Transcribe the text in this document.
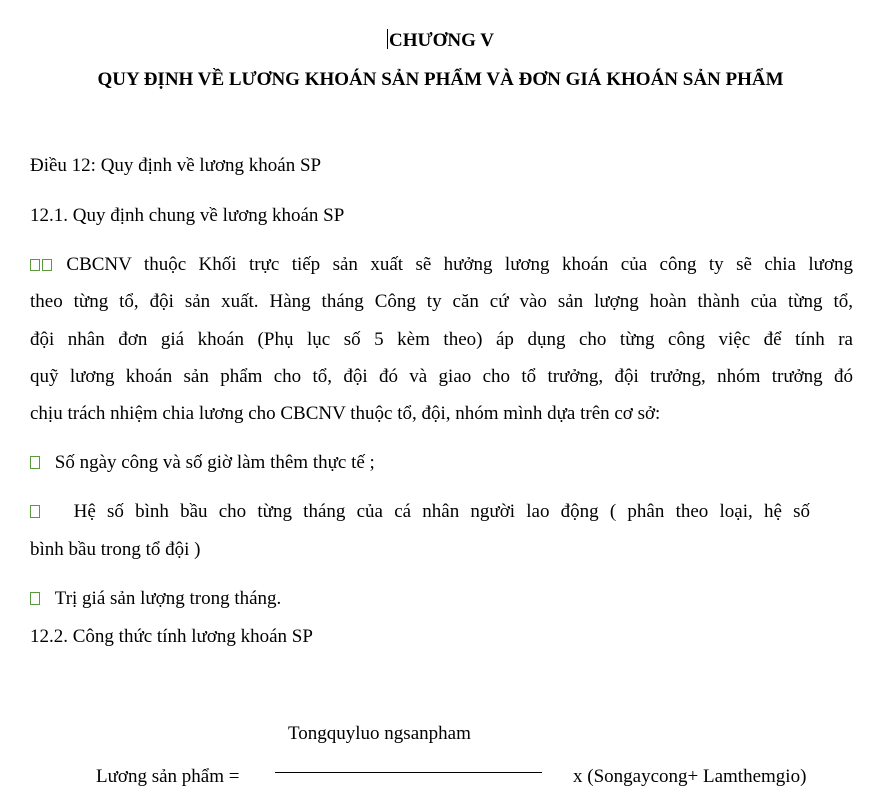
CHƯƠNG V
QUY ĐỊNH VỀ LƯƠNG KHOÁN SẢN PHẨM VÀ ĐƠN GIÁ KHOÁN SẢN PHẨM
Điều 12: Quy định về lương khoán SP
12.1. Quy định chung về lương khoán SP
CBCNV thuộc Khối trực tiếp sản xuất sẽ hưởng lương khoán của công ty sẽ chia lương
theo từng tổ, đội sản xuất. Hàng tháng Công ty căn cứ vào sản lượng hoàn thành của từng tổ,
đội nhân đơn giá khoán (Phụ lục số 5 kèm theo) áp dụng cho từng công việc để tính ra
quỹ lương khoán sản phẩm cho tổ, đội đó và giao cho tổ trưởng, đội trưởng, nhóm trưởng đó
chịu trách nhiệm chia lương cho CBCNV thuộc tổ, đội, nhóm mình dựa trên cơ sở:
Số ngày công và số giờ làm thêm thực tế ;
Hệ số bình bầu cho từng tháng của cá nhân người lao động ( phân theo loại, hệ số
bình bầu trong tổ đội )
Trị giá sản lượng trong tháng.
12.2. Công thức tính lương khoán SP
Tongquyluo ngsanpham
Lương sản phẩm =	x (Songaycong+ Lamthemgio)
